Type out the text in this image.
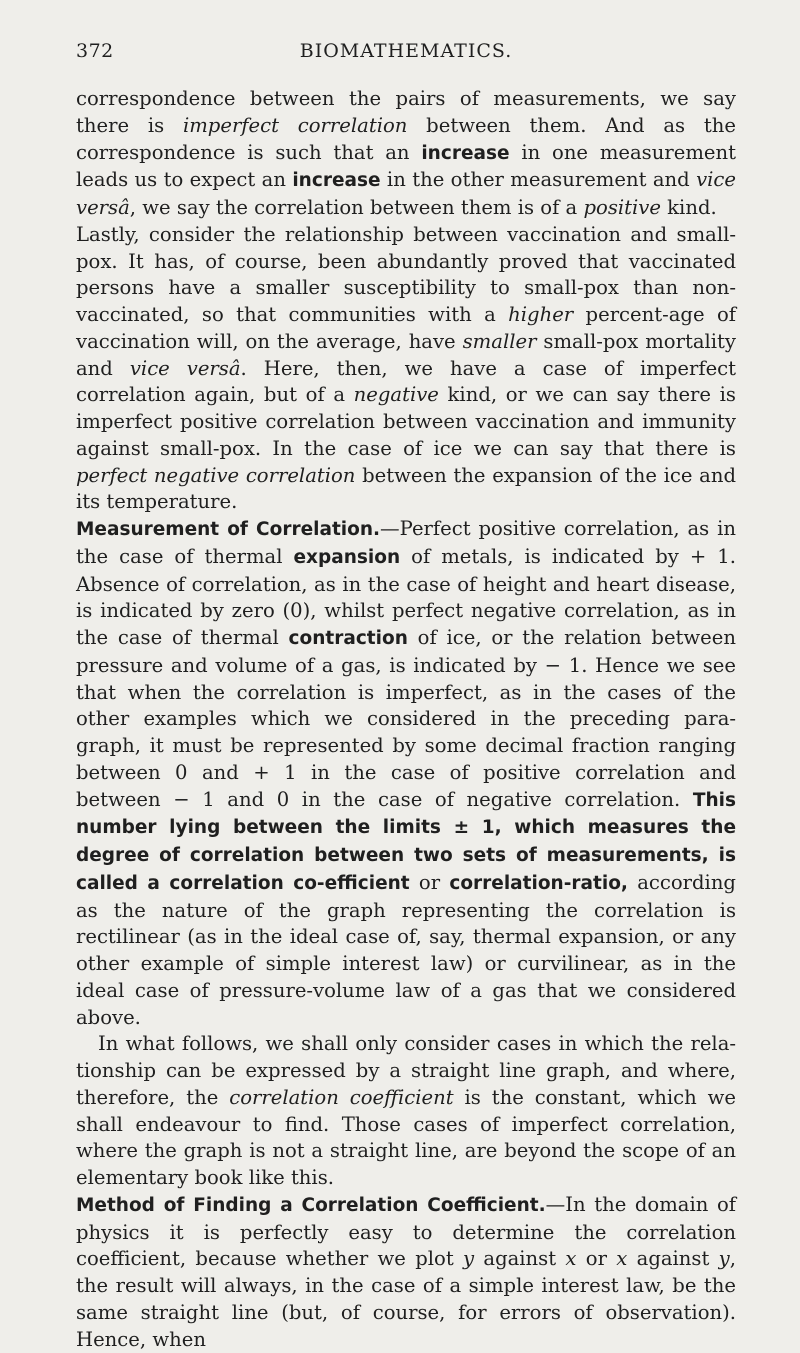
372	BIOMATHEMATICS.

correspondence between the pairs of measurements, we say there is imperfect correlation between them. And as the correspondence is such that an increase in one measurement leads us to expect an increase in the other measurement and vice versâ, we say the correlation between them is of a positive kind.

Lastly, consider the relationship between vaccination and small-pox. It has, of course, been abundantly proved that vaccinated persons have a smaller susceptibility to small-pox than non-vaccinated, so that communities with a higher percent-age of vaccination will, on the average, have smaller small-pox mortality and vice versâ. Here, then, we have a case of imperfect correlation again, but of a negative kind, or we can say there is imperfect positive correlation between vaccination and immunity against small-pox. In the case of ice we can say that there is perfect negative correlation between the expansion of the ice and its temperature.

Measurement of Correlation.—Perfect positive correlation, as in the case of thermal expansion of metals, is indicated by + 1. Absence of correlation, as in the case of height and heart disease, is indicated by zero (0), whilst perfect negative correlation, as in the case of thermal contraction of ice, or the relation between pressure and volume of a gas, is indicated by − 1. Hence we see that when the correlation is imperfect, as in the cases of the other examples which we considered in the preceding para-graph, it must be represented by some decimal fraction ranging between 0 and + 1 in the case of positive correlation and between − 1 and 0 in the case of negative correlation. This number lying between the limits ± 1, which measures the degree of correlation between two sets of measurements, is called a correlation co-efficient or correlation-ratio, according as the nature of the graph representing the correlation is rectilinear (as in the ideal case of, say, thermal expansion, or any other example of simple interest law) or curvilinear, as in the ideal case of pressure-volume law of a gas that we considered above.

In what follows, we shall only consider cases in which the rela-tionship can be expressed by a straight line graph, and where, therefore, the correlation coefficient is the constant, which we shall endeavour to find. Those cases of imperfect correlation, where the graph is not a straight line, are beyond the scope of an elementary book like this.

Method of Finding a Correlation Coefficient.—In the domain of physics it is perfectly easy to determine the correlation coefficient, because whether we plot y against x or x against y, the result will always, in the case of a simple interest law, be the same straight line (but, of course, for errors of observation). Hence, when
